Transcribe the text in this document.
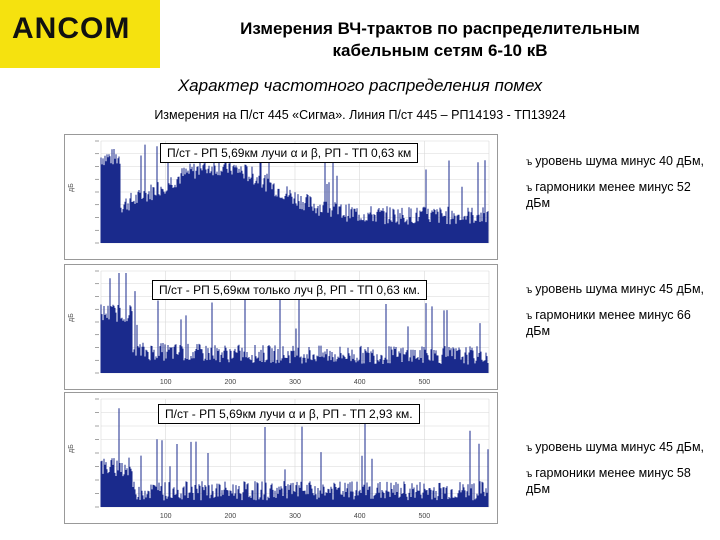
ANCOM	Измерения ВЧ-трактов по распределительным
кабельным сетям 6-10 кВ
Характер частотного распределения помех
Измерения на П/ст 445 «Сигма». Линия П/ст 445 – РП14193 - ТП13924
дБ
П/ст - РП 5,69км лучи α и β, РП - ТП 0,63 км
дБ
100	200	300	400	500
П/ст - РП 5,69км только луч β, РП - ТП 0,63 км.
дБ
100	200	300	400	500
П/ст - РП 5,69км лучи α и β, РП - ТП 2,93 км.
ъ уровень шума минус 40 дБм,
ъ гармоники менее минус 52 дБм
ъ уровень шума минус 45 дБм,
ъ гармоники менее минус 66 дБм
ъ уровень шума минус 45 дБм,
ъ гармоники менее минус 58 дБм
